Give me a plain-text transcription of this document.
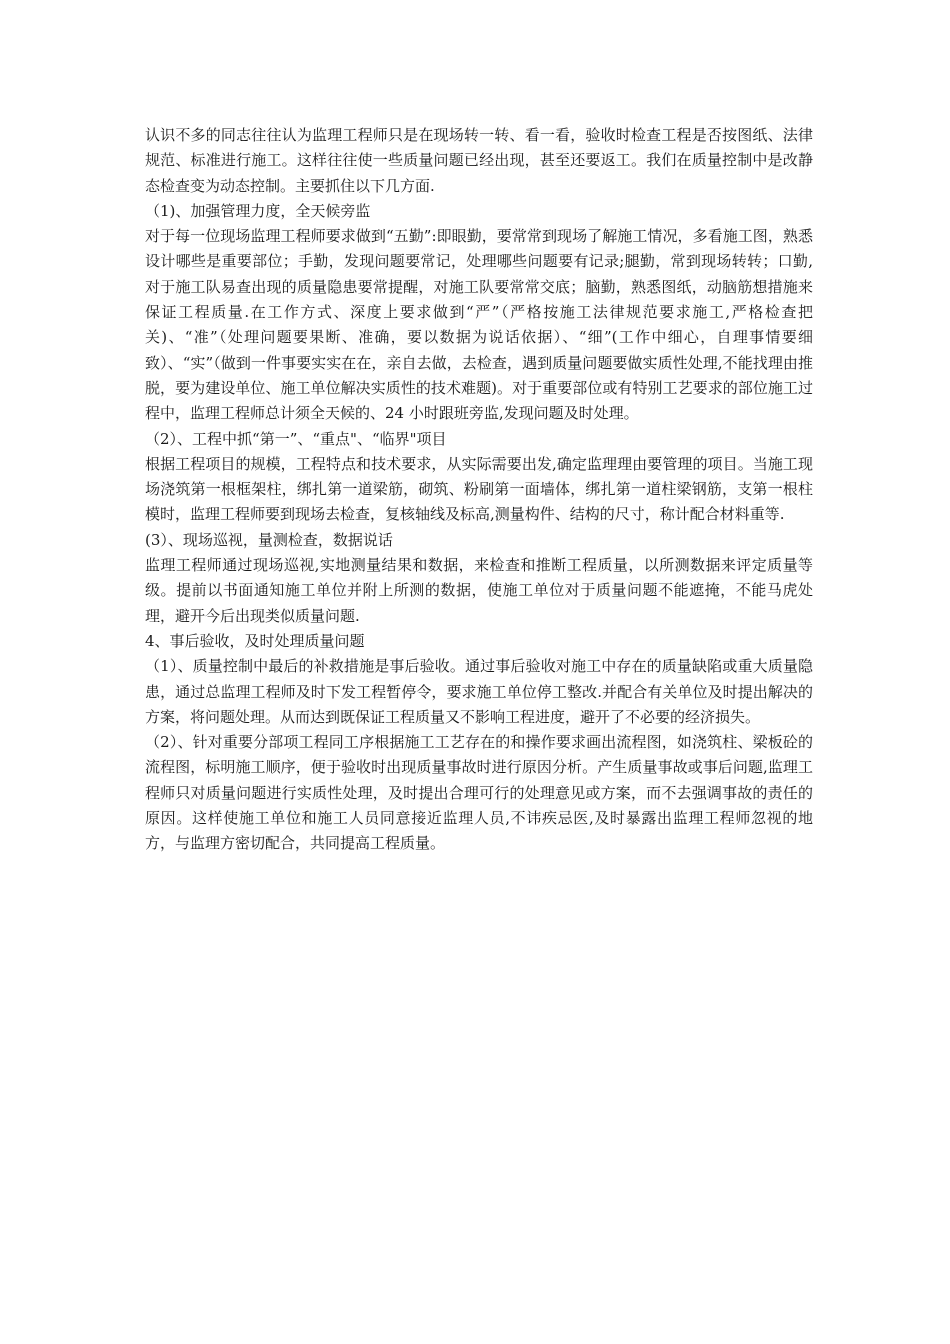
认识不多的同志往往认为监理工程师只是在现场转一转、看一看，验收时检查工程是否按图纸、法律规范、标准进行施工。这样往往使一些质量问题已经出现，甚至还要返工。我们在质量控制中是改静态检查变为动态控制。主要抓住以下几方面.

（1)、加强管理力度，全天候旁监

对于每一位现场监理工程师要求做到“五勤”:即眼勤，要常常到现场了解施工情况，多看施工图，熟悉设计哪些是重要部位；手勤，发现问题要常记，处理哪些问题要有记录;腿勤，常到现场转转；口勤,对于施工队易查出现的质量隐患要常提醒，对施工队要常常交底；脑勤，熟悉图纸，动脑筋想措施来保证工程质量.在工作方式、深度上要求做到“严”（严格按施工法律规范要求施工,严格检查把关)、“准”（处理问题要果断、准确，要以数据为说话依据）、“细”(工作中细心，自理事情要细致）、“实”（做到一件事要实实在在，亲自去做，去检查，遇到质量问题要做实质性处理,不能找理由推脱，要为建设单位、施工单位解决实质性的技术难题)。对于重要部位或有特别工艺要求的部位施工过程中，监理工程师总计须全天候的、24 小时跟班旁监,发现问题及时处理。

（2）、工程中抓“第一”、“重点"、“临界"项目

根据工程项目的规模，工程特点和技术要求，从实际需要出发,确定监理理由要管理的项目。当施工现场浇筑第一根框架柱，绑扎第一道梁筋，砌筑、粉刷第一面墙体，绑扎第一道柱梁钢筋，支第一根柱模时，监理工程师要到现场去检查，复核轴线及标高,测量构件、结构的尺寸，称计配合材料重等.

(3）、现场巡视，量测检查，数据说话

监理工程师通过现场巡视,实地测量结果和数据，来检查和推断工程质量，以所测数据来评定质量等级。提前以书面通知施工单位并附上所测的数据，使施工单位对于质量问题不能遮掩，不能马虎处理，避开今后出现类似质量问题.

4、事后验收，及时处理质量问题

（1）、质量控制中最后的补救措施是事后验收。通过事后验收对施工中存在的质量缺陷或重大质量隐患，通过总监理工程师及时下发工程暂停令，要求施工单位停工整改.并配合有关单位及时提出解决的方案，将问题处理。从而达到既保证工程质量又不影响工程进度，避开了不必要的经济损失。

（2）、针对重要分部项工程同工序根据施工工艺存在的和操作要求画出流程图，如浇筑柱、梁板砼的流程图，标明施工顺序，便于验收时出现质量事故时进行原因分析。产生质量事故或事后问题,监理工程师只对质量问题进行实质性处理，及时提出合理可行的处理意见或方案，而不去强调事故的责任的原因。这样使施工单位和施工人员同意接近监理人员,不讳疾忌医,及时暴露出监理工程师忽视的地方，与监理方密切配合，共同提高工程质量。
